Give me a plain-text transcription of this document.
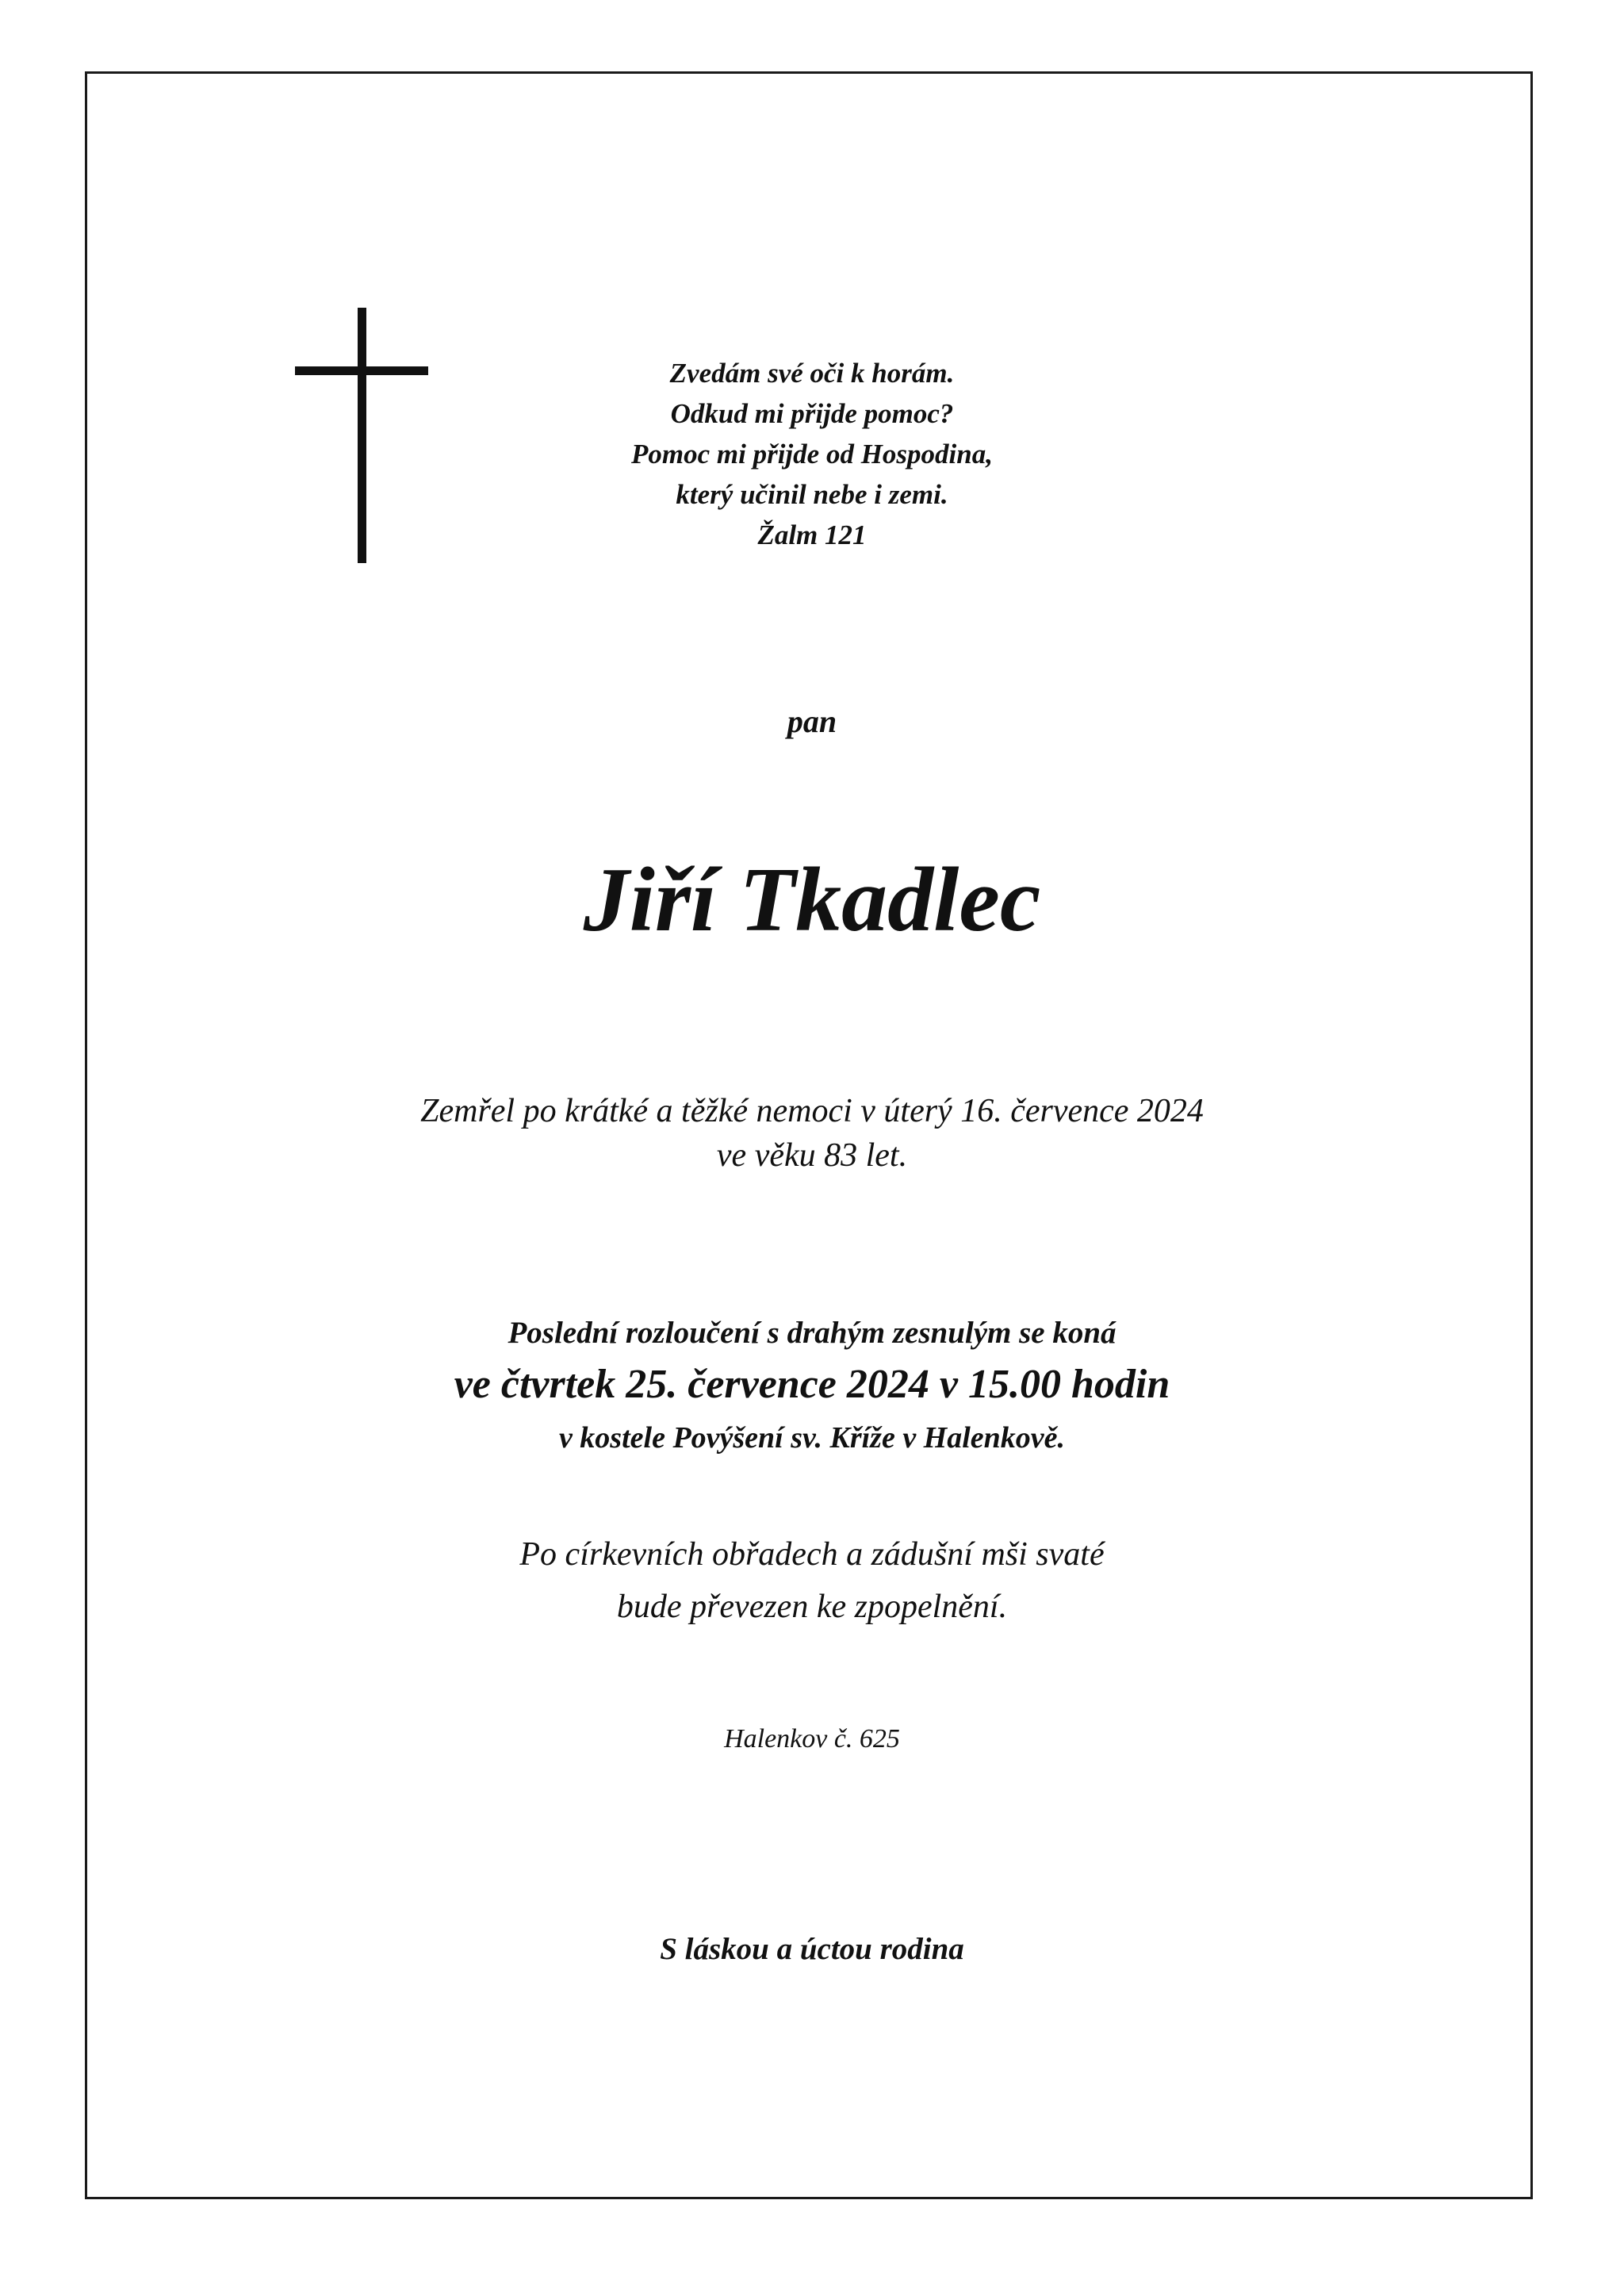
Zvedám své oči k horám.
Odkud mi přijde pomoc?
Pomoc mi přijde od Hospodina,
který učinil nebe i zemi.
Žalm 121
pan
Jiří Tkadlec
Zemřel po krátké a těžké nemoci v úterý 16. července 2024
ve věku 83 let.
Poslední rozloučení s drahým zesnulým se koná
ve čtvrtek 25. července 2024 v 15.00 hodin
v kostele Povýšení sv. Kříže v Halenkově.
Po církevních obřadech a zádušní mši svaté
bude převezen ke zpopelnění.
Halenkov č. 625
S láskou a úctou rodina
